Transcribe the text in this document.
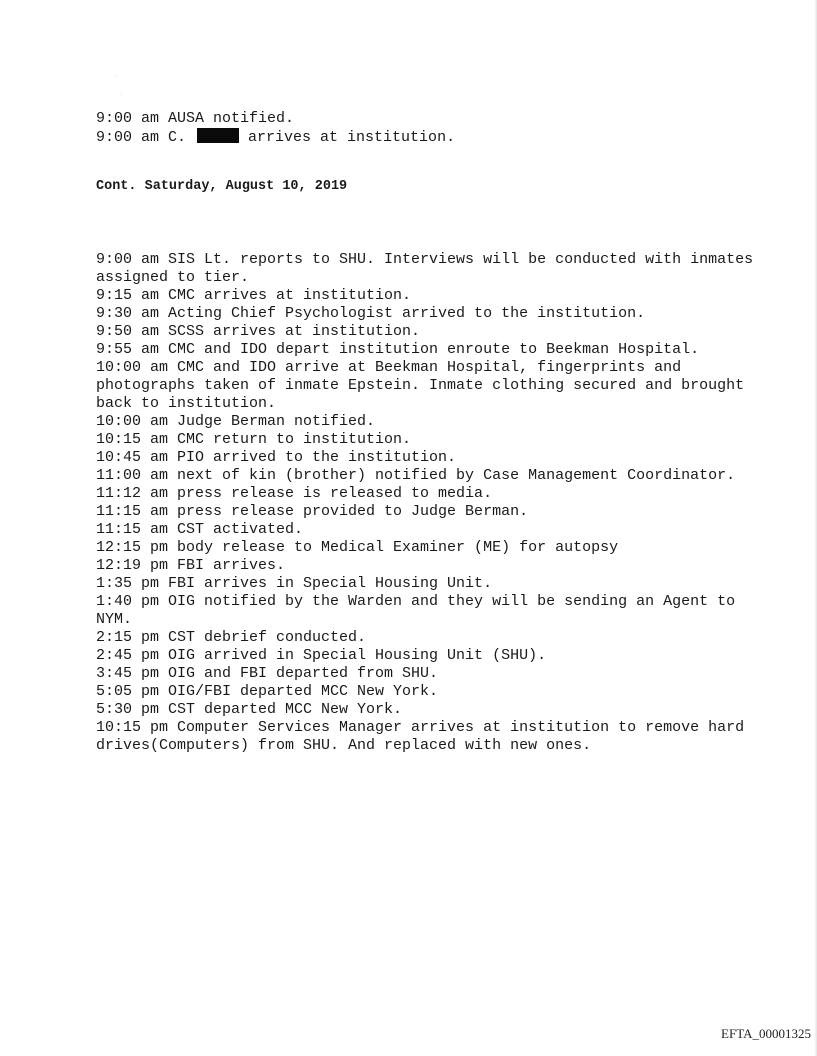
·
·
9:00 am AUSA notified.
9:00 am C.	arrives at institution.
Cont. Saturday, August 10, 2019
9:00 am SIS Lt. reports to SHU. Interviews will be conducted with inmates assigned to tier.
9:15 am CMC arrives at institution.
9:30 am Acting Chief Psychologist arrived to the institution.
9:50 am SCSS arrives at institution.
9:55 am CMC and IDO depart institution enroute to Beekman Hospital.
10:00 am CMC and IDO arrive at Beekman Hospital, fingerprints and photographs taken of inmate Epstein. Inmate clothing secured and brought back to institution.
10:00 am Judge Berman notified.
10:15 am CMC return to institution.
10:45 am PIO arrived to the institution.
11:00 am next of kin (brother) notified by Case Management Coordinator.
11:12 am press release is released to media.
11:15 am press release provided to Judge Berman.
11:15 am CST activated.
12:15 pm body release to Medical Examiner (ME) for autopsy
12:19 pm FBI arrives.
1:35 pm FBI arrives in Special Housing Unit.
1:40 pm OIG notified by the Warden and they will be sending an Agent to NYM.
2:15 pm CST debrief conducted.
2:45 pm OIG arrived in Special Housing Unit (SHU).
3:45 pm OIG and FBI departed from SHU.
5:05 pm OIG/FBI departed MCC New York.
5:30 pm CST departed MCC New York.
10:15 pm Computer Services Manager arrives at institution to remove hard drives(Computers) from SHU. And replaced with new ones.
EFTA_00001325
